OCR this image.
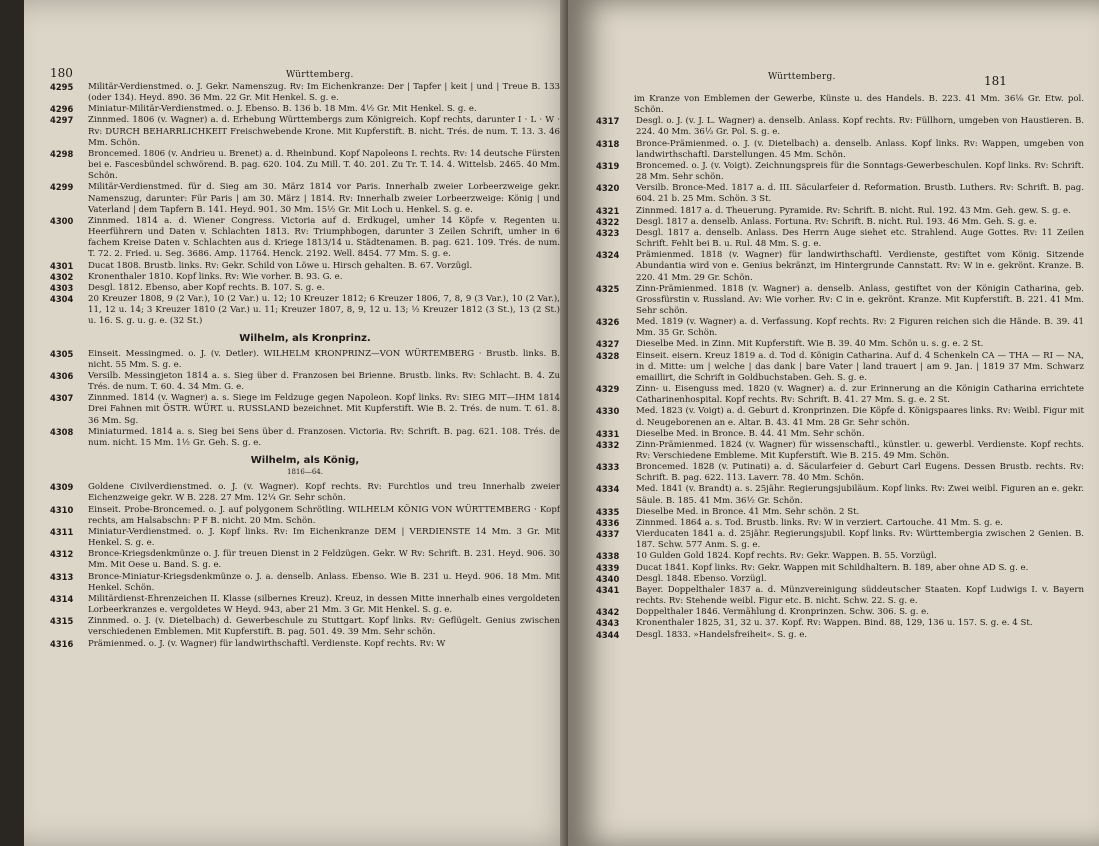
180	Württemberg.
4295 Militär-Verdienstmed. o. J. Gekr. Namenszug. Rv: Im Eichenkranze: Der | Tapfer | keit | und | Treue B. 133 (oder 134). Heyd. 890. 36 Mm. 22 Gr. Mit Henkel. S. g. e.
4296 Miniatur-Militär-Verdienstmed. o. J. Ebenso. B. 136 b. 18 Mm. 4½ Gr. Mit Henkel. S. g. e.
4297 Zinnmed. 1806 (v. Wagner) a. d. Erhebung Württembergs zum Königreich. Kopf rechts, darunter I · L · W · Rv: DURCH BEHARRLICHKEIT Freischwebende Krone. Mit Kupferstift. B. nicht. Trés. de num. T. 13. 3. 46 Mm. Schön.
4298 Broncemed. 1806 (v. Andrieu u. Brenet) a. d. Rheinbund. Kopf Napoleons I. rechts. Rv: 14 deutsche Fürsten bei e. Fascesbündel schwörend. B. pag. 620. 104. Zu Mill. T. 40. 201. Zu Tr. T. 14. 4. Wittelsb. 2465. 40 Mm. Schön.
4299 Militär-Verdienstmed. für d. Sieg am 30. März 1814 vor Paris. Innerhalb zweier Lorbeerzweige gekr. Namenszug, darunter: Für Paris | am 30. März | 1814. Rv: Innerhalb zweier Lorbeerzweige: König | und Vaterland | dem Tapfern B. 141. Heyd. 901. 30 Mm. 15½ Gr. Mit Loch u. Henkel. S. g. e.
4300 Zinnmed. 1814 a. d. Wiener Congress. Victoria auf d. Erdkugel, umher 14 Köpfe v. Regenten u. Heerführern und Daten v. Schlachten 1813. Rv: Triumphbogen, darunter 3 Zeilen Schrift, umher in 6 fachem Kreise Daten v. Schlachten aus d. Kriege 1813/14 u. Städtenamen. B. pag. 621. 109. Trés. de num. T. 72. 2. Fried. u. Seg. 3686. Amp. 11764. Henck. 2192. Well. 8454. 77 Mm. S. g. e.
4301 Ducat 1808. Brustb. links. Rv: Gekr. Schild von Löwe u. Hirsch gehalten. B. 67. Vorzügl.
4302 Kronenthaler 1810. Kopf links. Rv: Wie vorher. B. 93. G. e.
4303 Desgl. 1812. Ebenso, aber Kopf rechts. B. 107. S. g. e.
4304 20 Kreuzer 1808, 9 (2 Var.), 10 (2 Var.) u. 12; 10 Kreuzer 1812; 6 Kreuzer 1806, 7, 8, 9 (3 Var.), 10 (2 Var.), 11, 12 u. 14; 3 Kreuzer 1810 (2 Var.) u. 11; Kreuzer 1807, 8, 9, 12 u. 13; ½ Kreuzer 1812 (3 St.), 13 (2 St.) u. 16. S. g. u. g. e. (32 St.)
Wilhelm, als Kronprinz.
4305 Einseit. Messingmed. o. J. (v. Detler). WILHELM KRONPRINZ—VON WÜRTEMBERG · Brustb. links. B. nicht. 55 Mm. S. g. e.
4306 Versilb. Messingjeton 1814 a. s. Sieg über d. Franzosen bei Brienne. Brustb. links. Rv: Schlacht. B. 4. Zu Trés. de num. T. 60. 4. 34 Mm. G. e.
4307 Zinnmed. 1814 (v. Wagner) a. s. Siege im Feldzuge gegen Napoleon. Kopf links. Rv: SIEG MIT—IHM 1814 Drei Fahnen mit ÖSTR. WÜRT. u. RUSSLAND bezeichnet. Mit Kupferstift. Wie B. 2. Trés. de num. T. 61. 8. 36 Mm. Sg.
4308 Miniaturmed. 1814 a. s. Sieg bei Sens über d. Franzosen. Victoria. Rv: Schrift. B. pag. 621. 108. Trés. de num. nicht. 15 Mm. 1½ Gr. Geh. S. g. e.
Wilhelm, als König,
1816—64.
4309 Goldene Civilverdienstmed. o. J. (v. Wagner). Kopf rechts. Rv: Furchtlos und treu Innerhalb zweier Eichenzweige gekr. W B. 228. 27 Mm. 12¼ Gr. Sehr schön.
4310 Einseit. Probe-Broncemed. o. J. auf polygonem Schrötling. WILHELM KÖNIG VON WÜRTTEMBERG · Kopf rechts, am Halsabschn: P F B. nicht. 20 Mm. Schön.
4311 Miniatur-Verdienstmed. o. J. Kopf links. Rv: Im Eichenkranze DEM | VERDIENSTE 14 Mm. 3 Gr. Mit Henkel. S. g. e.
4312 Bronce-Kriegsdenkmünze o. J. für treuen Dienst in 2 Feldzügen. Gekr. W Rv: Schrift. B. 231. Heyd. 906. 30 Mm. Mit Oese u. Band. S. g. e.
4313 Bronce-Miniatur-Kriegsdenkmünze o. J. a. denselb. Anlass. Ebenso. Wie B. 231 u. Heyd. 906. 18 Mm. Mit Henkel. Schön.
4314 Militärdienst-Ehrenzeichen II. Klasse (silbernes Kreuz). Kreuz, in dessen Mitte innerhalb eines vergoldeten Lorbeerkranzes e. vergoldetes W Heyd. 943, aber 21 Mm. 3 Gr. Mit Henkel. S. g. e.
4315 Zinnmed. o. J. (v. Dietelbach) d. Gewerbeschule zu Stuttgart. Kopf links. Rv: Geflügelt. Genius zwischen verschiedenen Emblemen. Mit Kupferstift. B. pag. 501. 49. 39 Mm. Sehr schön.
4316 Prämienmed. o. J. (v. Wagner) für landwirthschaftl. Verdienste. Kopf rechts. Rv: W
Württemberg.	181
im Kranze von Emblemen der Gewerbe, Künste u. des Handels. B. 223. 41 Mm. 36⅛ Gr. Etw. pol. Schön.
4317 Desgl. o. J. (v. J. L. Wagner) a. denselb. Anlass. Kopf rechts. Rv: Füllhorn, umgeben von Haustieren. B. 224. 40 Mm. 36⅓ Gr. Pol. S. g. e.
4318 Bronce-Prämienmed. o. J. (v. Dietelbach) a. denselb. Anlass. Kopf links. Rv: Wappen, umgeben von landwirthschaftl. Darstellungen. 45 Mm. Schön.
4319 Broncemed. o. J. (v. Voigt). Zeichnungspreis für die Sonntags-Gewerbeschulen. Kopf links. Rv: Schrift. 28 Mm. Sehr schön.
4320 Versilb. Bronce-Med. 1817 a. d. III. Säcularfeier d. Reformation. Brustb. Luthers. Rv: Schrift. B. pag. 604. 21 b. 25 Mm. Schön. 3 St.
4321 Zinnmed. 1817 a. d. Theuerung. Pyramide. Rv: Schrift. B. nicht. Rul. 192. 43 Mm. Geh. gew. S. g. e.
4322 Desgl. 1817 a. denselb. Anlass. Fortuna. Rv: Schrift. B. nicht. Rul. 193. 46 Mm. Geh. S. g. e.
4323 Desgl. 1817 a. denselb. Anlass. Des Herrn Auge siehet etc. Strahlend. Auge Gottes. Rv: 11 Zeilen Schrift. Fehlt bei B. u. Rul. 48 Mm. S. g. e.
4324 Prämienmed. 1818 (v. Wagner) für landwirthschaftl. Verdienste, gestiftet vom König. Sitzende Abundantia wird von e. Genius bekränzt, im Hintergrunde Cannstatt. Rv: W in e. gekrönt. Kranze. B. 220. 41 Mm. 29 Gr. Schön.
4325 Zinn-Prämienmed. 1818 (v. Wagner) a. denselb. Anlass, gestiftet von der Königin Catharina, geb. Grossfürstin v. Russland. Av: Wie vorher. Rv: C in e. gekrönt. Kranze. Mit Kupferstift. B. 221. 41 Mm. Sehr schön.
4326 Med. 1819 (v. Wagner) a. d. Verfassung. Kopf rechts. Rv: 2 Figuren reichen sich die Hände. B. 39. 41 Mm. 35 Gr. Schön.
4327 Dieselbe Med. in Zinn. Mit Kupferstift. Wie B. 39. 40 Mm. Schön u. s. g. e. 2 St.
4328 Einseit. eisern. Kreuz 1819 a. d. Tod d. Königin Catharina. Auf d. 4 Schenkeln CA — THA — RI — NA, in d. Mitte: um | welche | das dank | bare Vater | land trauert | am 9. Jan. | 1819 37 Mm. Schwarz emaillirt, die Schrift in Goldbuchstaben. Geh. S. g. e.
4329 Zinn- u. Eisenguss med. 1820 (v. Wagner) a. d. zur Erinnerung an die Königin Catharina errichtete Catharinenhospital. Kopf rechts. Rv: Schrift. B. 41. 27 Mm. S. g. e. 2 St.
4330 Med. 1823 (v. Voigt) a. d. Geburt d. Kronprinzen. Die Köpfe d. Königspaares links. Rv: Weibl. Figur mit d. Neugeborenen an e. Altar. B. 43. 41 Mm. 28 Gr. Sehr schön.
4331 Dieselbe Med. in Bronce. B. 44. 41 Mm. Sehr schön.
4332 Zinn-Prämienmed. 1824 (v. Wagner) für wissenschaftl., künstler. u. gewerbl. Verdienste. Kopf rechts. Rv: Verschiedene Embleme. Mit Kupferstift. Wie B. 215. 49 Mm. Schön.
4333 Broncemed. 1828 (v. Putinati) a. d. Säcularfeier d. Geburt Carl Eugens. Dessen Brustb. rechts. Rv: Schrift. B. pag. 622. 113. Laverr. 78. 40 Mm. Schön.
4334 Med. 1841 (v. Brandt) a. s. 25jähr. Regierungsjubiläum. Kopf links. Rv: Zwei weibl. Figuren an e. gekr. Säule. B. 185. 41 Mm. 36½ Gr. Schön.
4335 Dieselbe Med. in Bronce. 41 Mm. Sehr schön. 2 St.
4336 Zinnmed. 1864 a. s. Tod. Brustb. links. Rv: W in verziert. Cartouche. 41 Mm. S. g. e.
4337 Vierducaten 1841 a. d. 25jähr. Regierungsjubil. Kopf links. Rv: Württembergia zwischen 2 Genien. B. 187. Schw. 577 Anm. S. g. e.
4338 10 Gulden Gold 1824. Kopf rechts. Rv: Gekr. Wappen. B. 55. Vorzügl.
4339 Ducat 1841. Kopf links. Rv: Gekr. Wappen mit Schildhaltern. B. 189, aber ohne AD S. g. e.
4340 Desgl. 1848. Ebenso. Vorzügl.
4341 Bayer. Doppelthaler 1837 a. d. Münzvereinigung süddeutscher Staaten. Kopf Ludwigs I. v. Bayern rechts. Rv: Stehende weibl. Figur etc. B. nicht. Schw. 22. S. g. e.
4342 Doppelthaler 1846. Vermählung d. Kronprinzen. Schw. 306. S. g. e.
4343 Kronenthaler 1825, 31, 32 u. 37. Kopf. Rv: Wappen. Bind. 88, 129, 136 u. 157. S. g. e. 4 St.
4344 Desgl. 1833. »Handelsfreiheit«. S. g. e.
